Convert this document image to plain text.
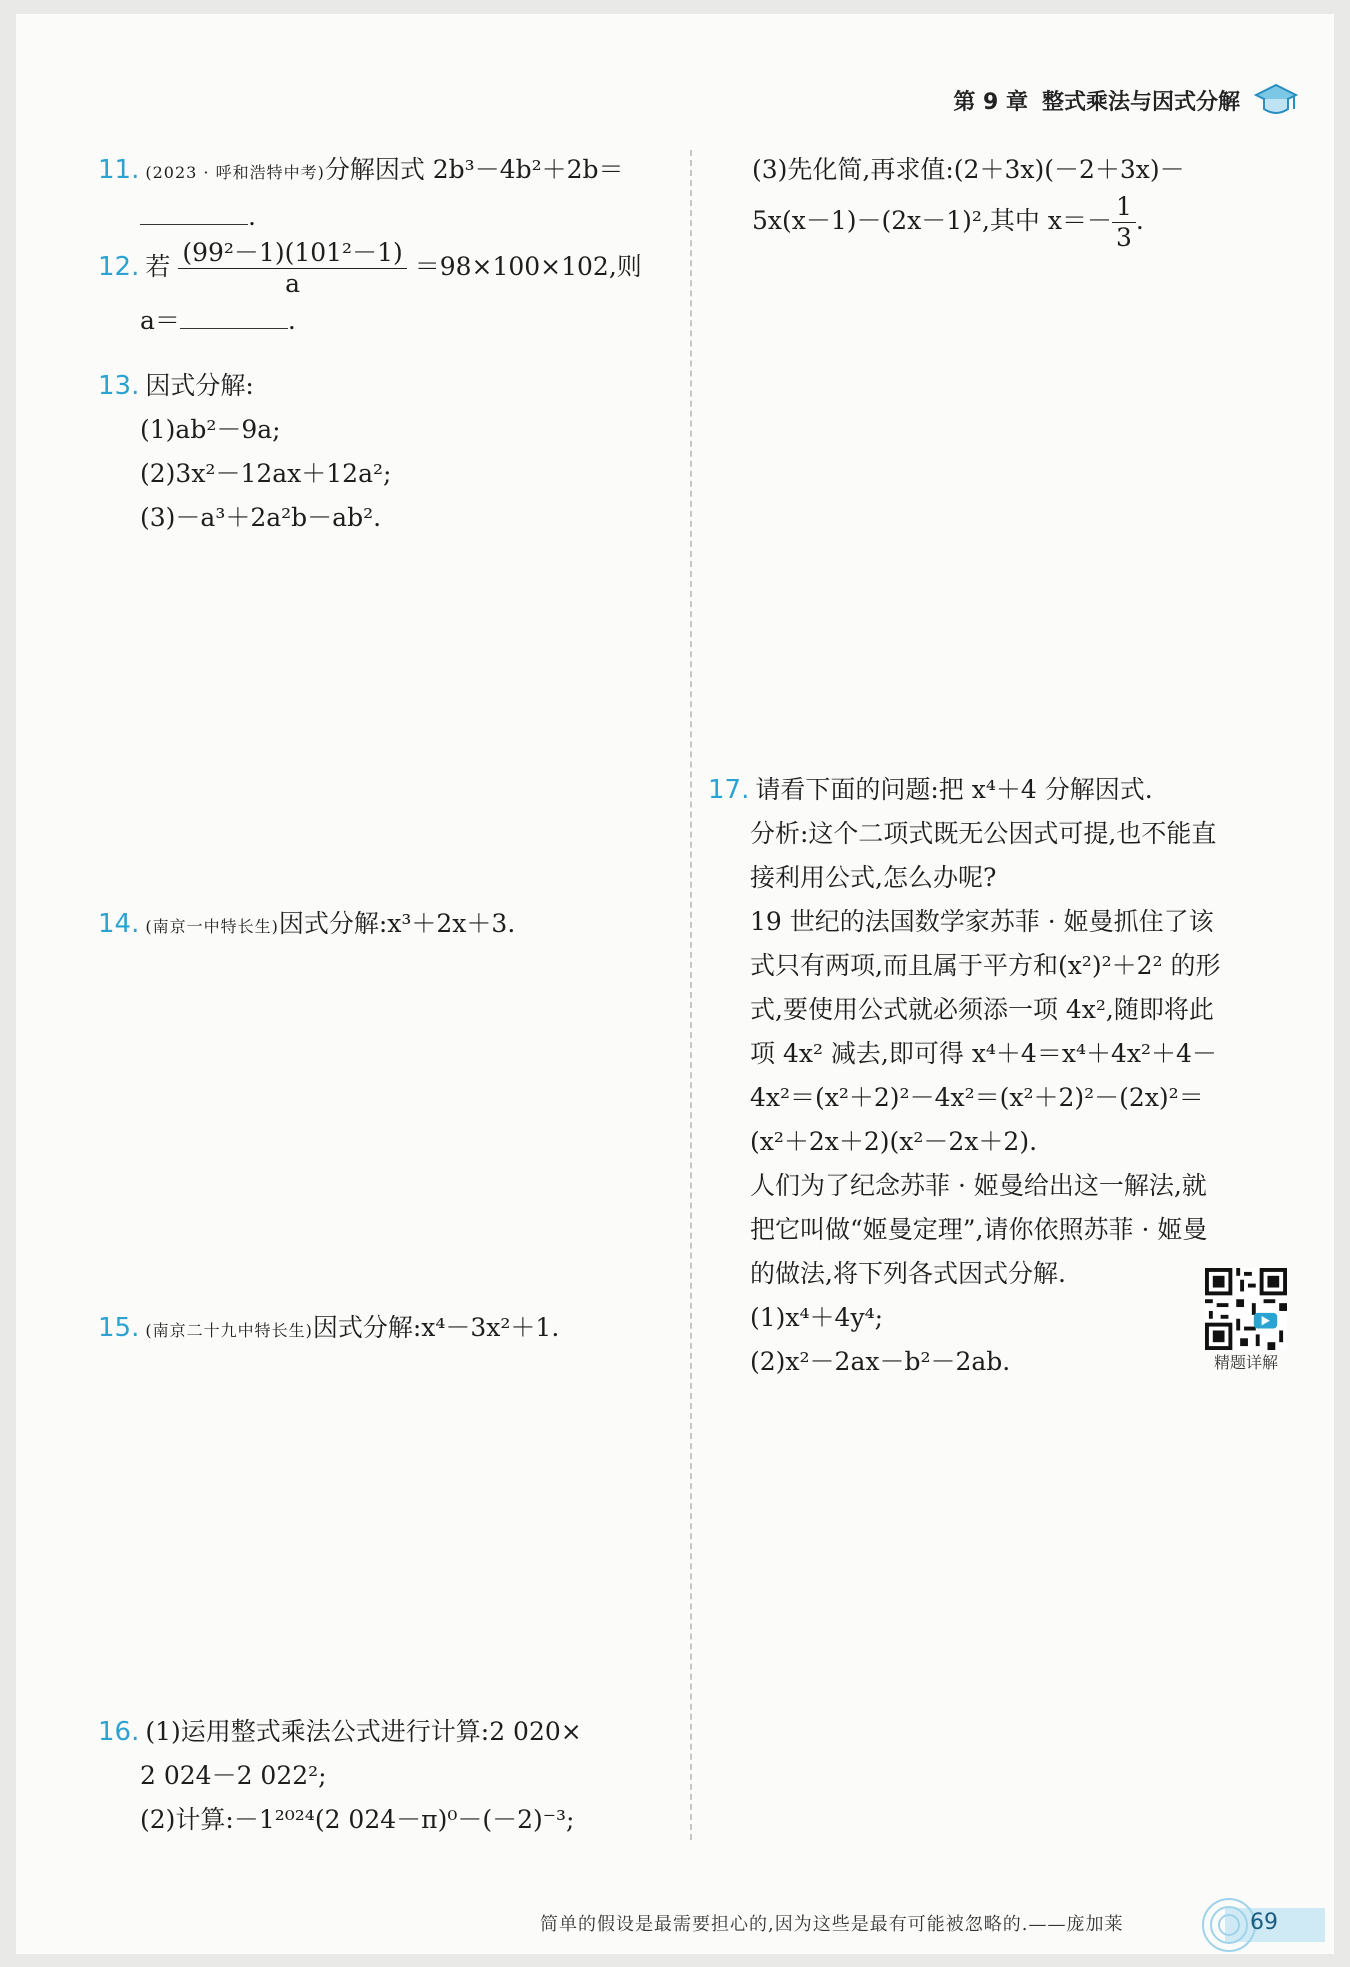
第 9 章 整式乘法与因式分解
11. (2023 · 呼和浩特中考)分解因式 2b³－4b²＋2b＝
.
12. 若 $\frac{\text{(99²－1)(101²－1)}}{a} =98\times 100\times 102$,则
a＝	.
13. 因式分解:
(1)ab²－9a;
(2)3x²－12ax＋12a²;
(3)－a³＋2a²b－ab².
14. (南京一中特长生)因式分解:x³＋2x＋3.
15. (南京二十九中特长生)因式分解:x⁴－3x²＋1.
16. (1)运用整式乘法公式进行计算:2 020×
2 024－2 022²;
(2)计算:－1²⁰²⁴(2 024－π)⁰－(－2)⁻³;
(3)先化简,再求值:(2＋3x)(－2＋3x)－
5x(x－1)－(2x－1)²,其中 $x=- \frac{1}{3}$ .
17. 请看下面的问题:把 x⁴＋4 分解因式.
分析:这个二项式既无公因式可提,也不能直
接利用公式,怎么办呢?
19 世纪的法国数学家苏菲 · 姬曼抓住了该
式只有两项,而且属于平方和(x²)²＋2² 的形
式,要使用公式就必须添一项 4x²,随即将此
项 4x² 减去,即可得 x⁴＋4＝x⁴＋4x²＋4－
4x²＝(x²＋2)²－4x²＝(x²＋2)²－(2x)²＝
(x²＋2x＋2)(x²－2x＋2).
人们为了纪念苏菲 · 姬曼给出这一解法,就
把它叫做“姬曼定理”,请你依照苏菲 · 姬曼
的做法,将下列各式因式分解.
(1)x⁴＋4y⁴;
(2)x²－2ax－b²－2ab.	精题详解
简单的假设是最需要担心的,因为这些是最有可能被忽略的.——庞加莱	69
